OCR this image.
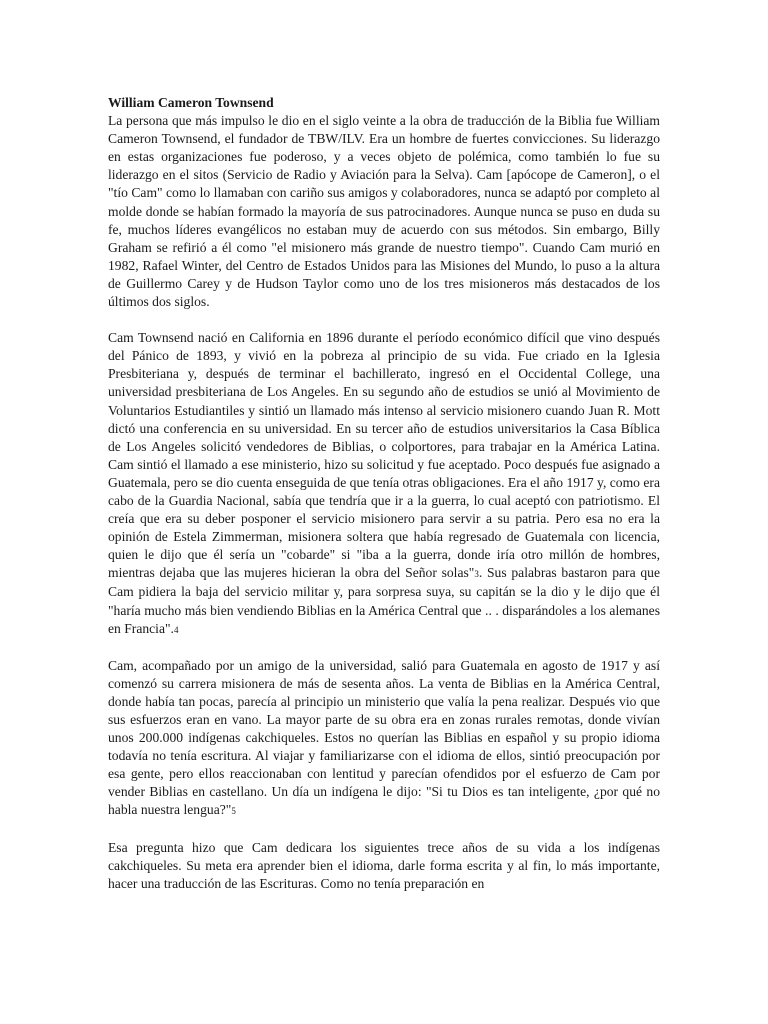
William Cameron Townsend

La persona que más impulso le dio en el siglo veinte a la obra de traducción de la Biblia fue William Cameron Townsend, el fundador de TBW/ILV. Era un hombre de fuertes convicciones. Su liderazgo en estas organizaciones fue poderoso, y a veces objeto de polémica, como también lo fue su liderazgo en el sitos (Servicio de Radio y Aviación para la Selva). Cam [apócope de Cameron], o el "tío Cam" como lo llamaban con cariño sus amigos y colaboradores, nunca se adaptó por completo al molde donde se habían formado la mayoría de sus patrocinadores. Aunque nunca se puso en duda su fe, muchos líderes evangélicos no estaban muy de acuerdo con sus métodos. Sin embargo, Billy Graham se refirió a él como "el misionero más grande de nuestro tiempo". Cuando Cam murió en 1982, Rafael Winter, del Centro de Estados Unidos para las Misiones del Mundo, lo puso a la altura de Guillermo Carey y de Hudson Taylor como uno de los tres misioneros más destacados de los últimos dos siglos.

Cam Townsend nació en California en 1896 durante el período económico difícil que vino después del Pánico de 1893, y vivió en la pobreza al principio de su vida. Fue criado en la Iglesia Presbiteriana y, después de terminar el bachillerato, ingresó en el Occidental College, una universidad presbiteriana de Los Angeles. En su segundo año de estudios se unió al Movimiento de Voluntarios Estudiantiles y sintió un llamado más intenso al servicio misionero cuando Juan R. Mott dictó una conferencia en su universidad. En su tercer año de estudios universitarios la Casa Bíblica de Los Angeles solicitó vendedores de Biblias, o colportores, para trabajar en la América Latina. Cam sintió el llamado a ese ministerio, hizo su solicitud y fue aceptado. Poco después fue asignado a Guatemala, pero se dio cuenta enseguida de que tenía otras obligaciones. Era el año 1917 y, como era cabo de la Guardia Nacional, sabía que tendría que ir a la guerra, lo cual aceptó con patriotismo. El creía que era su deber posponer el servicio misionero para servir a su patria. Pero esa no era la opinión de Estela Zimmerman, misionera soltera que había regresado de Guatemala con licencia, quien le dijo que él sería un "cobarde" si "iba a la guerra, donde iría otro millón de hombres, mientras dejaba que las mujeres hicieran la obra del Señor solas"3. Sus palabras bastaron para que Cam pidiera la baja del servicio militar y, para sorpresa suya, su capitán se la dio y le dijo que él "haría mucho más bien vendiendo Biblias en la América Central que .. . disparándoles a los alemanes en Francia".4

Cam, acompañado por un amigo de la universidad, salió para Guatemala en agosto de 1917 y así comenzó su carrera misionera de más de sesenta años. La venta de Biblias en la América Central, donde había tan pocas, parecía al principio un ministerio que valía la pena realizar. Después vio que sus esfuerzos eran en vano. La mayor parte de su obra era en zonas rurales remotas, donde vivían unos 200.000 indígenas cakchiqueles. Estos no querían las Biblias en español y su propio idioma todavía no tenía escritura. Al viajar y familiarizarse con el idioma de ellos, sintió preocupación por esa gente, pero ellos reaccionaban con lentitud y parecían ofendidos por el esfuerzo de Cam por vender Biblias en castellano. Un día un indígena le dijo: "Si tu Dios es tan inteligente, ¿por qué no habla nuestra lengua?"5

Esa pregunta hizo que Cam dedicara los siguientes trece años de su vida a los indígenas cakchiqueles. Su meta era aprender bien el idioma, darle forma escrita y al fin, lo más importante, hacer una traducción de las Escrituras. Como no tenía preparación en
